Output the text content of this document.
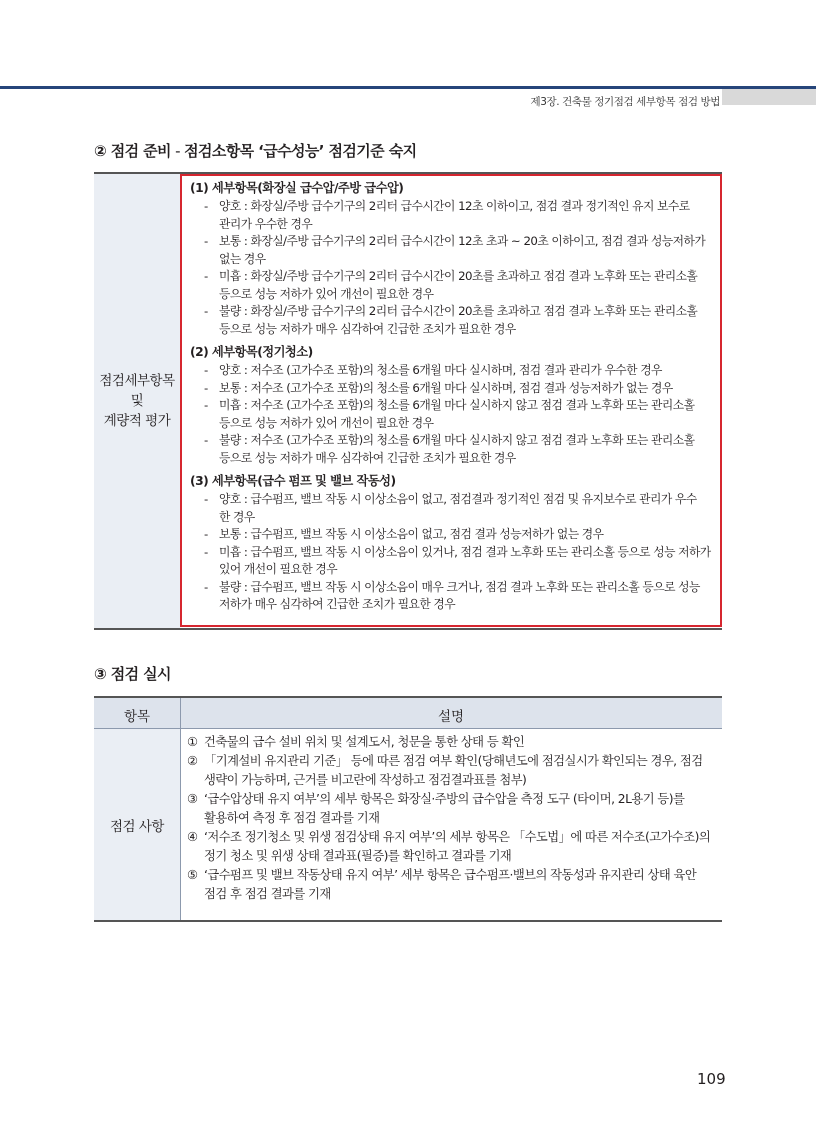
제3장. 건축물 정기점검 세부항목 점검 방법
② 점검 준비 - 점검소항목 ‘급수성능’ 점검기준 숙지
점검세부항목
및
계량적 평가
(1) 세부항목(화장실 급수압/주방 급수압)
- 양호 : 화장실/주방 급수기구의 2리터 급수시간이 12초 이하이고, 점검 결과 정기적인 유지 보수로
관리가 우수한 경우
- 보통 : 화장실/주방 급수기구의 2리터 급수시간이 12초 초과 ~ 20초 이하이고, 점검 결과 성능저하가
없는 경우
- 미흡 : 화장실/주방 급수기구의 2리터 급수시간이 20초를 초과하고 점검 결과 노후화 또는 관리소홀
등으로 성능 저하가 있어 개선이 필요한 경우
- 불량 : 화장실/주방 급수기구의 2리터 급수시간이 20초를 초과하고 점검 결과 노후화 또는 관리소홀
등으로 성능 저하가 매우 심각하여 긴급한 조치가 필요한 경우
(2) 세부항목(정기청소)
- 양호 : 저수조 (고가수조 포함)의 청소를 6개월 마다 실시하며, 점검 결과 관리가 우수한 경우
- 보통 : 저수조 (고가수조 포함)의 청소를 6개월 마다 실시하며, 점검 결과 성능저하가 없는 경우
- 미흡 : 저수조 (고가수조 포함)의 청소를 6개월 마다 실시하지 않고 점검 결과 노후화 또는 관리소홀
등으로 성능 저하가 있어 개선이 필요한 경우
- 불량 : 저수조 (고가수조 포함)의 청소를 6개월 마다 실시하지 않고 점검 결과 노후화 또는 관리소홀
등으로 성능 저하가 매우 심각하여 긴급한 조치가 필요한 경우
(3) 세부항목(급수 펌프 및 밸브 작동성)
- 양호 : 급수펌프, 밸브 작동 시 이상소음이 없고, 점검결과 정기적인 점검 및 유지보수로 관리가 우수
한 경우
- 보통 : 급수펌프, 밸브 작동 시 이상소음이 없고, 점검 결과 성능저하가 없는 경우
- 미흡 : 급수펌프, 밸브 작동 시 이상소음이 있거나, 점검 결과 노후화 또는 관리소홀 등으로 성능 저하가
있어 개선이 필요한 경우
- 불량 : 급수펌프, 밸브 작동 시 이상소음이 매우 크거나, 점검 결과 노후화 또는 관리소홀 등으로 성능
저하가 매우 심각하여 긴급한 조치가 필요한 경우
③ 점검 실시
항목	설명
점검 사항
① 건축물의 급수 설비 위치 및 설계도서, 청문을 통한 상태 등 확인
② 「기계설비 유지관리 기준」 등에 따른 점검 여부 확인(당해년도에 점검실시가 확인되는 경우, 점검
생략이 가능하며, 근거를 비고란에 작성하고 점검결과표를 첨부)
③ ‘급수압상태 유지 여부’의 세부 항목은 화장실·주방의 급수압을 측정 도구 (타이머, 2L용기 등)를
활용하여 측정 후 점검 결과를 기재
④ ‘저수조 정기청소 및 위생 점검상태 유지 여부’의 세부 항목은 「수도법」에 따른 저수조(고가수조)의
정기 청소 및 위생 상태 결과표(필증)를 확인하고 결과를 기재
⑤ ‘급수펌프 및 밸브 작동상태 유지 여부’ 세부 항목은 급수펌프·밸브의 작동성과 유지관리 상태 육안
점검 후 점검 결과를 기재
109
